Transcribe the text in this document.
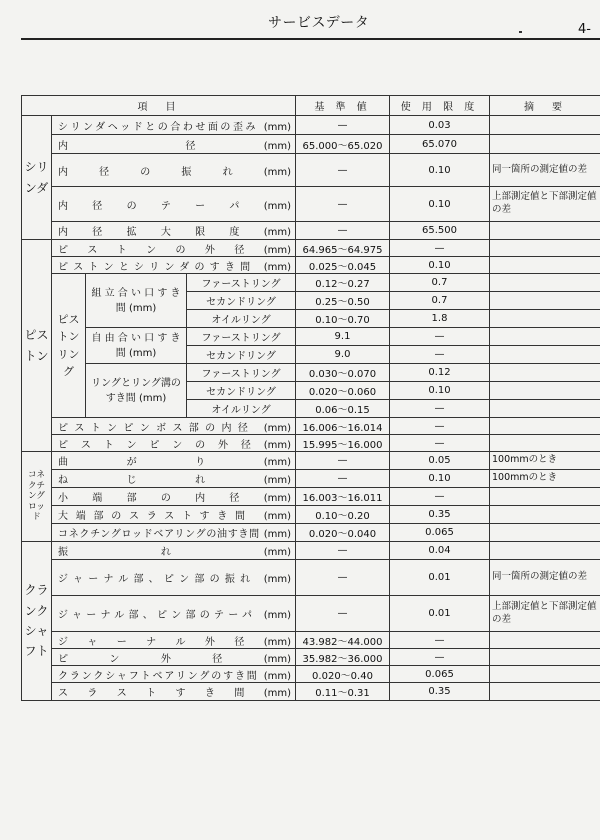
サービスデータ	4-
項　目				基 準 値	使 用 限 度	摘　要
シリンダ	シリンダヘッドとの合わせ面の歪み (mm)			—	0.03	
	内　　径 (mm)			65.000〜65.020	65.070	
	内 径 の 振 れ (mm)			—	0.10	同一箇所の測定値の差
	内 径 の テ ー パ (mm)			—	0.10	上部測定値と下部測定値の差
	内 径 拡 大 限 度 (mm)			—	65.500	
ピストン	ピ ス ト ン の 外 径 (mm)			64.965〜64.975	—	
	ピストンとシリンダのすき間 (mm)			0.025〜0.045	0.10	
	ピストンリング	組 立 合 い 口 す き 間 (mm)	ファーストリング	0.12〜0.27	0.7	
			セカンドリング	0.25〜0.50	0.7	
			オイルリング	0.10〜0.70	1.8	
		自 由 合 い 口 す き 間 (mm)	ファーストリング	9.1	—	
			セカンドリング	9.0	—	
		リングとリング溝のすき間 (mm)	ファーストリング	0.030〜0.070	0.12	
			セカンドリング	0.020〜0.060	0.10	
			オイルリング	0.06〜0.15	—	
	ピストンピンボス部の内径 (mm)			16.006〜16.014	—	
	ピ ス ト ン ピ ン の 外 径 (mm)			15.995〜16.000	—	
コネクチングロッド	曲 が り (mm)			—	0.05	100mmのとき
	ね じ れ (mm)			—	0.10	100mmのとき
	小 端 部 の 内 径 (mm)			16.003〜16.011	—	
	大端部のスラストすき間 (mm)			0.10〜0.20	0.35	
	コネクチングロッドベアリングの油すき間 (mm)			0.020〜0.040	0.065	
クランクシャフト	振 れ (mm)			—	0.04	
	ジャーナル部、ピン部の振れ (mm)			—	0.01	同一箇所の測定値の差
	ジャーナル部、ピン部のテーパ (mm)			—	0.01	上部測定値と下部測定値の差
	ジ ャ ー ナ ル 外 径 (mm)			43.982〜44.000	—	
	ピ ン 外 径 (mm)			35.982〜36.000	—	
	クランクシャフトベアリングのすき間 (mm)			0.020〜0.40	0.065	
	ス ラ ス ト す き 間 (mm)			0.11〜0.31	0.35	
